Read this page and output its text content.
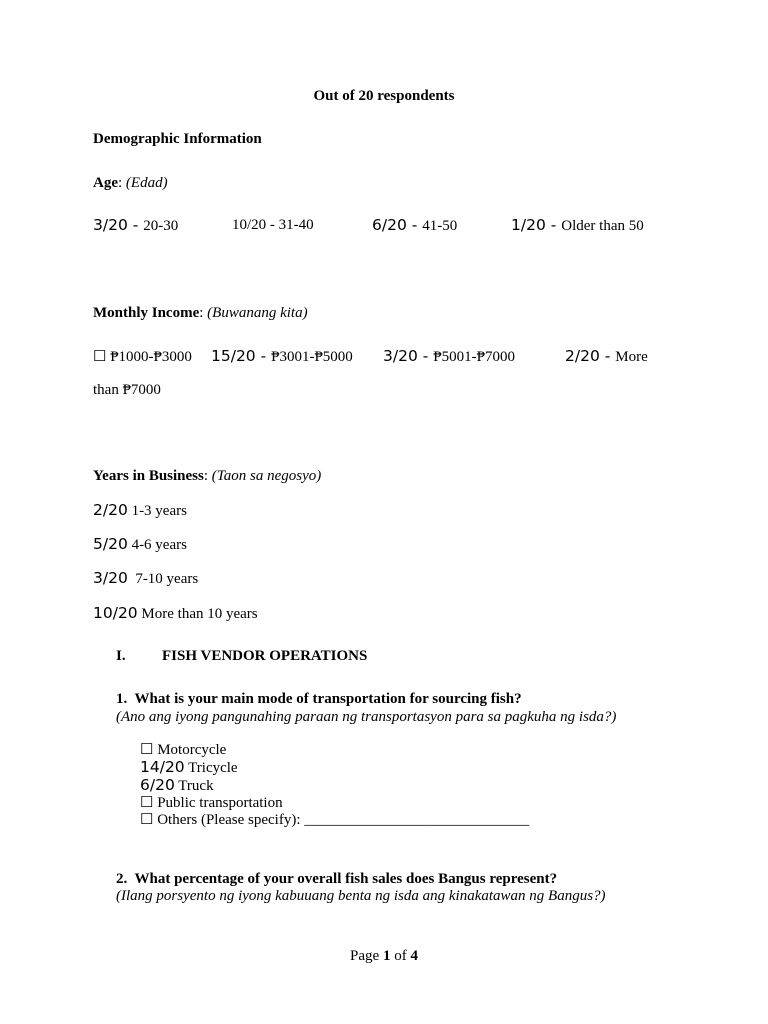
Out of 20 respondents
Demographic Information
Age: (Edad)
3/20 - 20-30	10/20 - 31-40	6/20 - 41-50	1/20 - Older than 50
Monthly Income: (Buwanang kita)
☐ ₱1000-₱3000 15/20 - ₱3001-₱5000 3/20 - ₱5001-₱7000	2/20 - More
than ₱7000
Years in Business: (Taon sa negosyo)
2/20 1-3 years
5/20 4-6 years
3/20 7-10 years
10/20 More than 10 years
I. FISH VENDOR OPERATIONS
1. What is your main mode of transportation for sourcing fish?
(Ano ang iyong pangunahing paraan ng transportasyon para sa pagkuha ng isda?)
☐ Motorcycle
14/20 Tricycle
6/20 Truck
☐ Public transportation
☐ Others (Please specify): ______________________________
2. What percentage of your overall fish sales does Bangus represent?
(Ilang porsyento ng iyong kabuuang benta ng isda ang kinakatawan ng Bangus?)
Page 1 of 4
